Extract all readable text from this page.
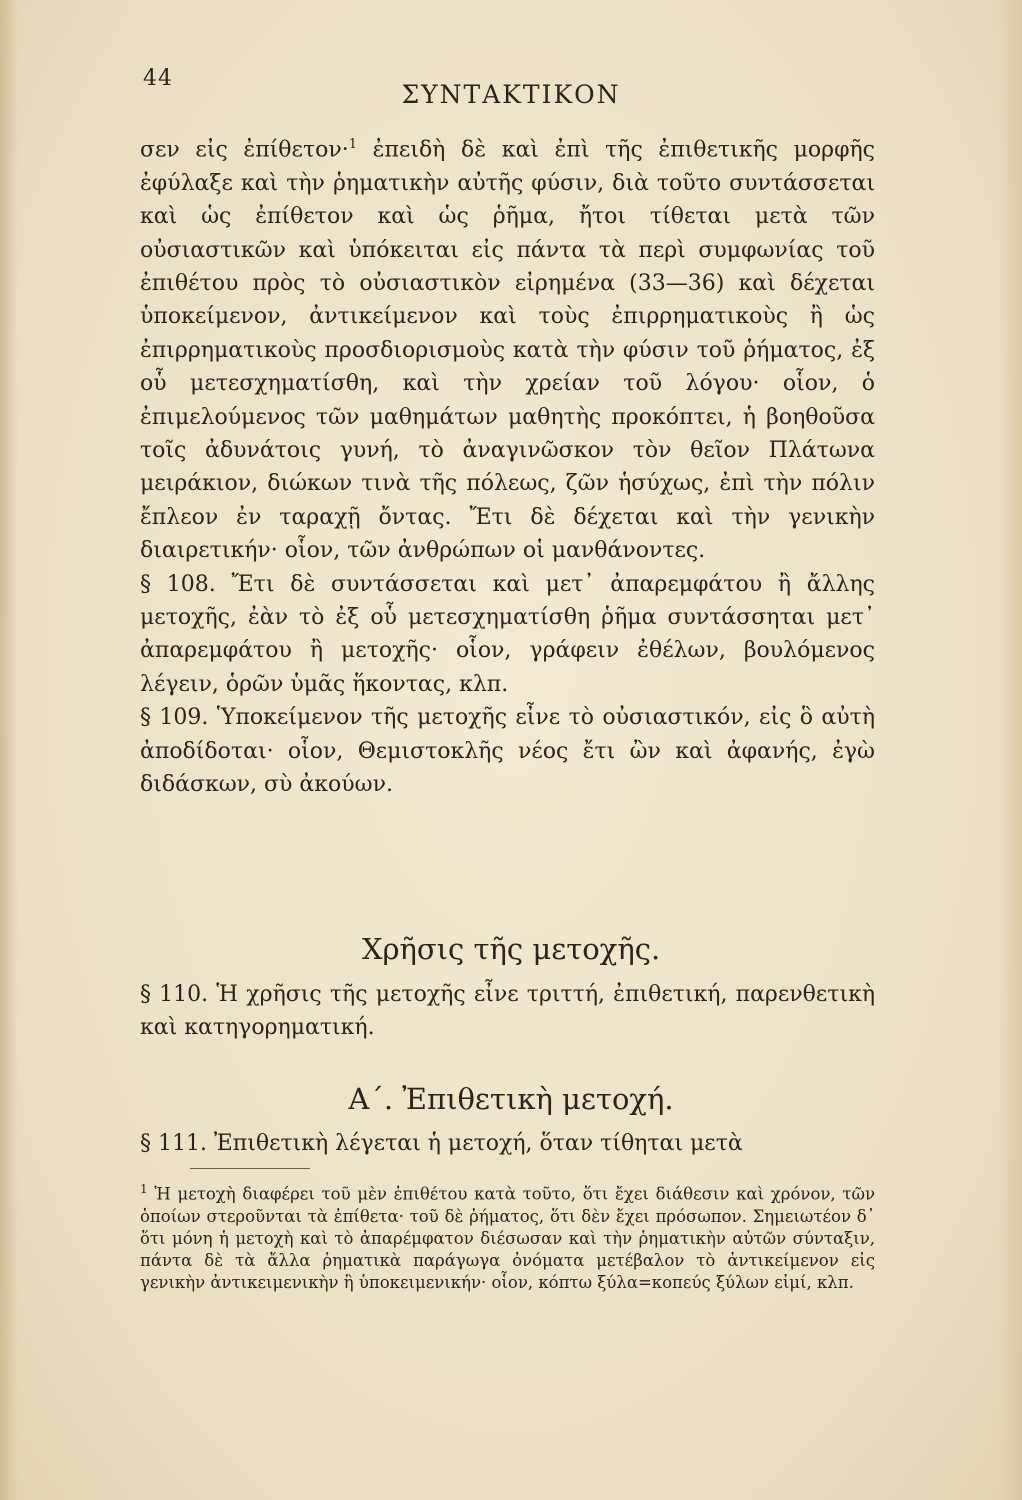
44
ΣΥΝΤΑΚΤΙΚΟΝ

σεν εἰς ἐπίθετον·$^1$ ἐπειδὴ δὲ καὶ ἐπὶ τῆς ἐπιθετικῆς μορφῆς ἐφύλαξε καὶ τὴν ῥηματικὴν αὐτῆς φύσιν, διὰ τοῦτο συντάσσεται καὶ ὡς ἐπίθετον καὶ ὡς ῥῆμα, ἤτοι τίθεται μετὰ τῶν οὐσιαστικῶν καὶ ὑπόκειται εἰς πάντα τὰ περὶ συμφωνίας τοῦ ἐπιθέτου πρὸς τὸ οὐσιαστικὸν εἰρημένα (33—36) καὶ δέχεται ὑποκείμενον, ἀντικείμενον καὶ τοὺς ἐπιρρηματικοὺς ἢ ὡς ἐπιρρηματικοὺς προσδιορισμοὺς κατὰ τὴν φύσιν τοῦ ῥήματος, ἐξ οὗ μετεσχηματίσθη, καὶ τὴν χρείαν τοῦ λόγου· οἷον, ὁ ἐπιμελούμενος τῶν μαθημάτων μαθητὴς προκόπτει, ἡ βοηθοῦσα τοῖς ἀδυνάτοις γυνή, τὸ ἀναγινῶσκον τὸν θεῖον Πλάτωνα μειράκιον, διώκων τινὰ τῆς πόλεως, ζῶν ἡσύχως, ἐπὶ τὴν πόλιν ἔπλεον ἐν ταραχῇ ὄντας. Ἔτι δὲ δέχεται καὶ τὴν γενικὴν διαιρετικήν· οἷον, τῶν ἀνθρώπων οἱ μανθάνοντες.

§ 108. Ἔτι δὲ συντάσσεται καὶ μετ᾽ ἀπαρεμφάτου ἢ ἄλλης μετοχῆς, ἐὰν τὸ ἐξ οὗ μετεσχηματίσθη ῥῆμα συντάσσηται μετ᾽ ἀπαρεμφάτου ἢ μετοχῆς· οἷον, γράφειν ἐθέλων, βουλόμενος λέγειν, ὁρῶν ὑμᾶς ἥκοντας, κλπ.

§ 109. Ὑποκείμενον τῆς μετοχῆς εἶνε τὸ οὐσιαστικόν, εἰς ὃ αὐτὴ ἀποδίδοται· οἷον, Θεμιστοκλῆς νέος ἔτι ὢν καὶ ἀφανής, ἐγὼ διδάσκων, σὺ ἀκούων.

Χρῆσις τῆς μετοχῆς.
§ 110. Ἡ χρῆσις τῆς μετοχῆς εἶνε τριττή, ἐπιθετική, παρενθετικὴ καὶ κατηγορηματική.
Α΄. Ἐπιθετικὴ μετοχή.
§ 111. Ἐπιθετικὴ λέγεται ἡ μετοχή, ὅταν τίθηται μετὰ
$^1$ Ἡ μετοχὴ διαφέρει τοῦ μὲν ἐπιθέτου κατὰ τοῦτο, ὅτι ἔχει διάθεσιν καὶ χρόνον, τῶν ὁποίων στεροῦνται τὰ ἐπίθετα· τοῦ δὲ ῥήματος, ὅτι δὲν ἔχει πρόσωπον. Σημειωτέον δ᾽ ὅτι μόνη ἡ μετοχὴ καὶ τὸ ἀπαρέμφατον διέσωσαν καὶ τὴν ῥηματικὴν αὐτῶν σύνταξιν, πάντα δὲ τὰ ἄλλα ῥηματικὰ παράγωγα ὀνόματα μετέβαλον τὸ ἀντικείμενον εἰς γενικὴν ἀντικειμενικὴν ἢ ὑποκειμενικήν· οἷον, κόπτω ξύλα=κοπεύς ξύλων εἰμί, κλπ.
